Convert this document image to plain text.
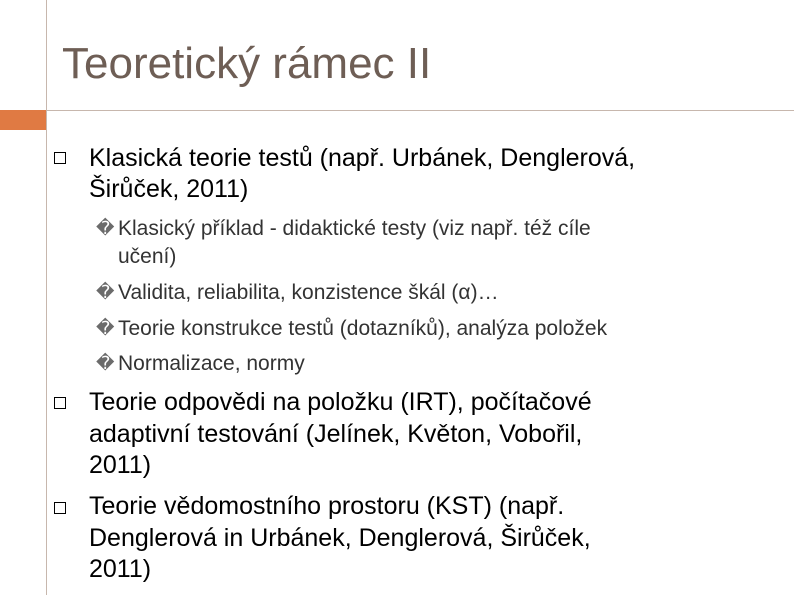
Teoretický rámec II
Klasická teorie testů (např. Urbánek, Denglerová,
Širůček, 2011)
� Klasický příklad - didaktické testy (viz např. též cíle
učení)
� Validita, reliabilita, konzistence škál (α)…
� Teorie konstrukce testů (dotazníků), analýza položek
� Normalizace, normy
Teorie odpovědi na položku (IRT), počítačové
adaptivní testování (Jelínek, Květon, Vobořil,
2011)
Teorie vědomostního prostoru (KST) (např.
Denglerová in Urbánek, Denglerová, Širůček,
2011)
